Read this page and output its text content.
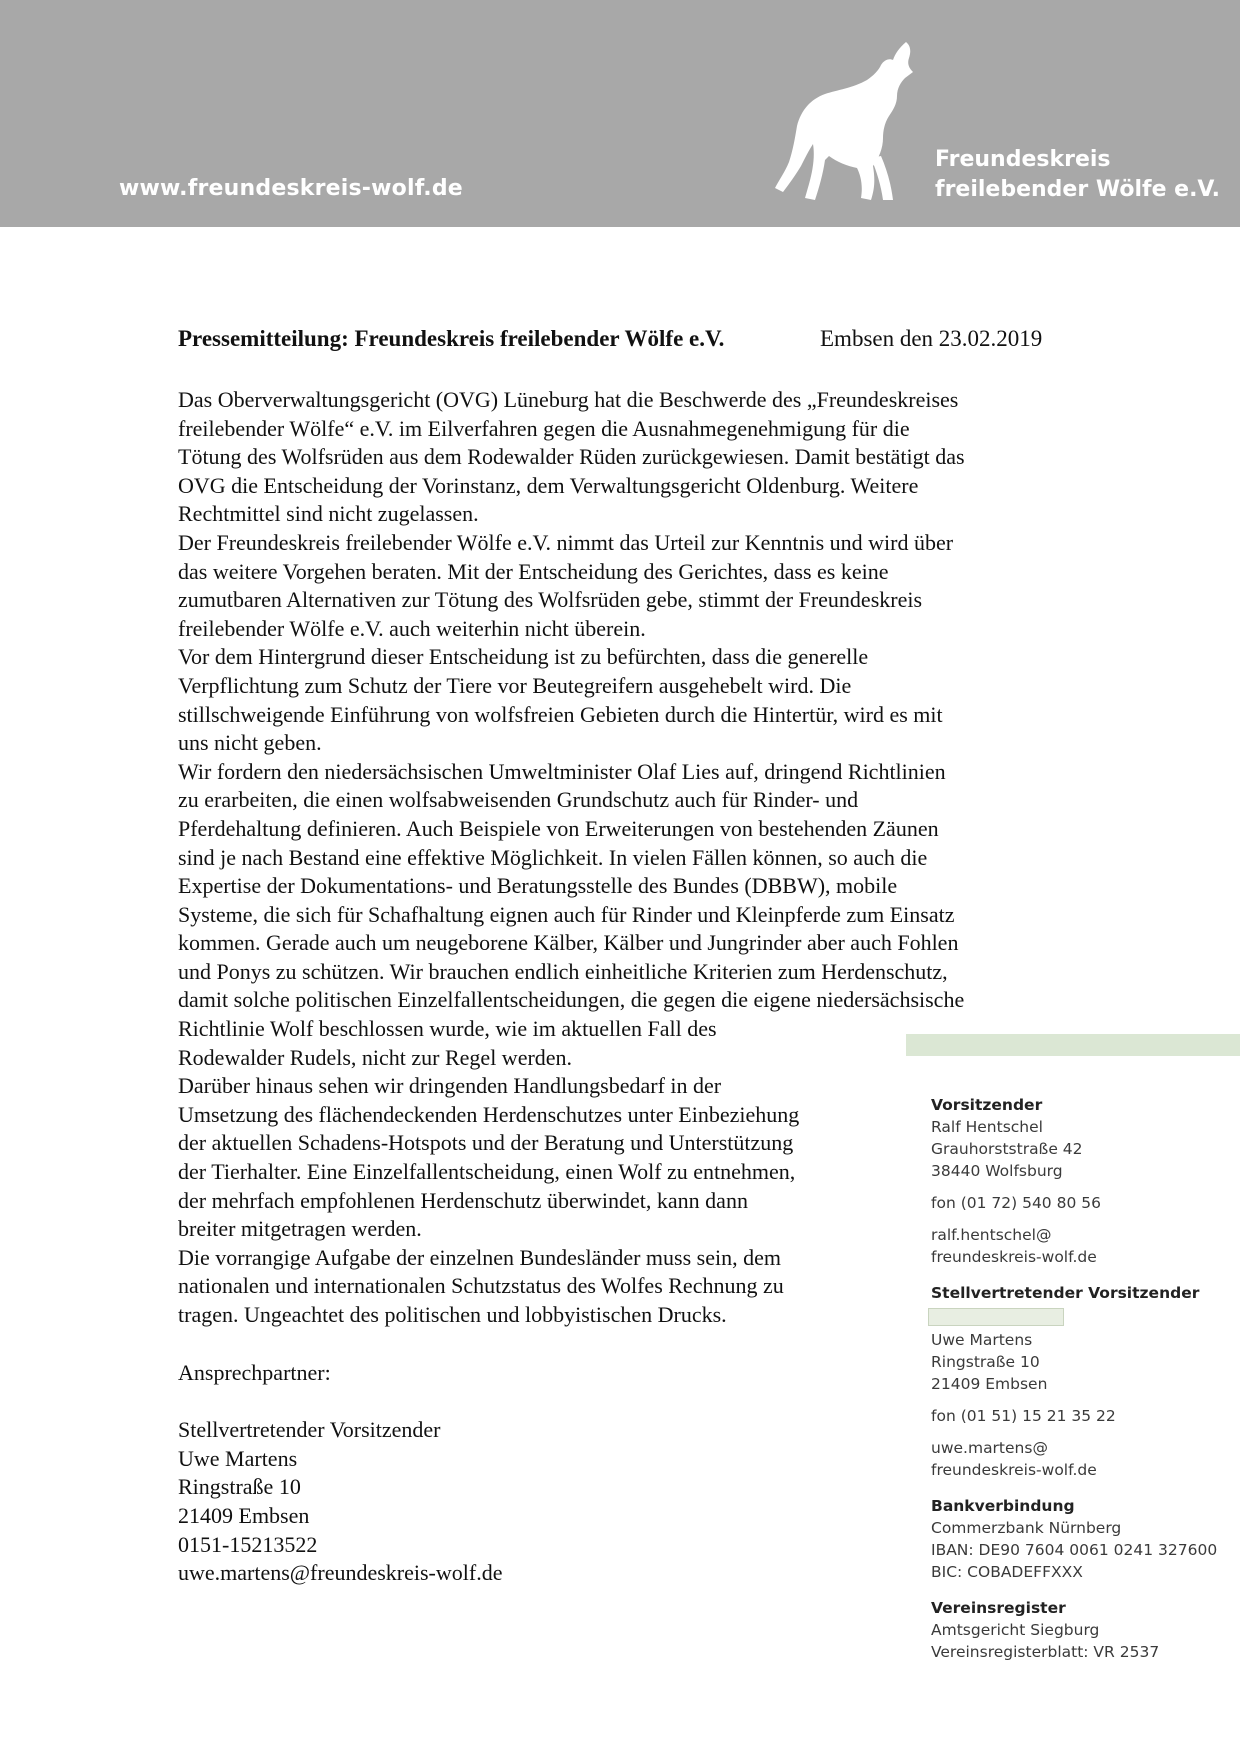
www.freundeskreis-wolf.de
Freundeskreis
freilebender Wölfe e.V.
Pressemitteilung: Freundeskreis freilebender Wölfe e.V.	Embsen den 23.02.2019

Das Oberverwaltungsgericht (OVG) Lüneburg hat die Beschwerde des „Freundeskreises

freilebender Wölfe“ e.V. im Eilverfahren gegen die Ausnahmegenehmigung für die

Tötung des Wolfsrüden aus dem Rodewalder Rüden zurückgewiesen. Damit bestätigt das

OVG die Entscheidung der Vorinstanz, dem Verwaltungsgericht Oldenburg. Weitere

Rechtmittel sind nicht zugelassen.

Der Freundeskreis freilebender Wölfe e.V. nimmt das Urteil zur Kenntnis und wird über

das weitere Vorgehen beraten. Mit der Entscheidung des Gerichtes, dass es keine

zumutbaren Alternativen zur Tötung des Wolfsrüden gebe, stimmt der Freundeskreis

freilebender Wölfe e.V. auch weiterhin nicht überein.

Vor dem Hintergrund dieser Entscheidung ist zu befürchten, dass die generelle

Verpflichtung zum Schutz der Tiere vor Beutegreifern ausgehebelt wird. Die

stillschweigende Einführung von wolfsfreien Gebieten durch die Hintertür, wird es mit

uns nicht geben.

Wir fordern den niedersächsischen Umweltminister Olaf Lies auf, dringend Richtlinien

zu erarbeiten, die einen wolfsabweisenden Grundschutz auch für Rinder- und

Pferdehaltung definieren. Auch Beispiele von Erweiterungen von bestehenden Zäunen

sind je nach Bestand eine effektive Möglichkeit. In vielen Fällen können, so auch die

Expertise der Dokumentations- und Beratungsstelle des Bundes (DBBW), mobile

Systeme, die sich für Schafhaltung eignen auch für Rinder und Kleinpferde zum Einsatz

kommen. Gerade auch um neugeborene Kälber, Kälber und Jungrinder aber auch Fohlen

und Ponys zu schützen. Wir brauchen endlich einheitliche Kriterien zum Herdenschutz,

damit solche politischen Einzelfallentscheidungen, die gegen die eigene niedersächsische

Richtlinie Wolf beschlossen wurde, wie im aktuellen Fall des

Rodewalder Rudels, nicht zur Regel werden.

Darüber hinaus sehen wir dringenden Handlungsbedarf in der

Umsetzung des flächendeckenden Herdenschutzes unter Einbeziehung

der aktuellen Schadens-Hotspots und der Beratung und Unterstützung

der Tierhalter. Eine Einzelfallentscheidung, einen Wolf zu entnehmen,

der mehrfach empfohlenen Herdenschutz überwindet, kann dann

breiter mitgetragen werden.

Die vorrangige Aufgabe der einzelnen Bundesländer muss sein, dem

nationalen und internationalen Schutzstatus des Wolfes Rechnung zu

tragen. Ungeachtet des politischen und lobbyistischen Drucks.

Ansprechpartner:
Stellvertretender Vorsitzender
Uwe Martens
Ringstraße 10
21409 Embsen
0151-15213522
uwe.martens@freundeskreis-wolf.de
Vorsitzender
Ralf Hentschel
Grauhorststraße 42
38440 Wolfsburg
fon (01 72) 540 80 56
ralf.hentschel@
freundeskreis-wolf.de
Stellvertretender Vorsitzender
Uwe Martens
Ringstraße 10
21409 Embsen
fon (01 51) 15 21 35 22
uwe.martens@
freundeskreis-wolf.de
Bankverbindung
Commerzbank Nürnberg
IBAN: DE90 7604 0061 0241 327600
BIC: COBADEFFXXX
Vereinsregister
Amtsgericht Siegburg
Vereinsregisterblatt: VR 2537
